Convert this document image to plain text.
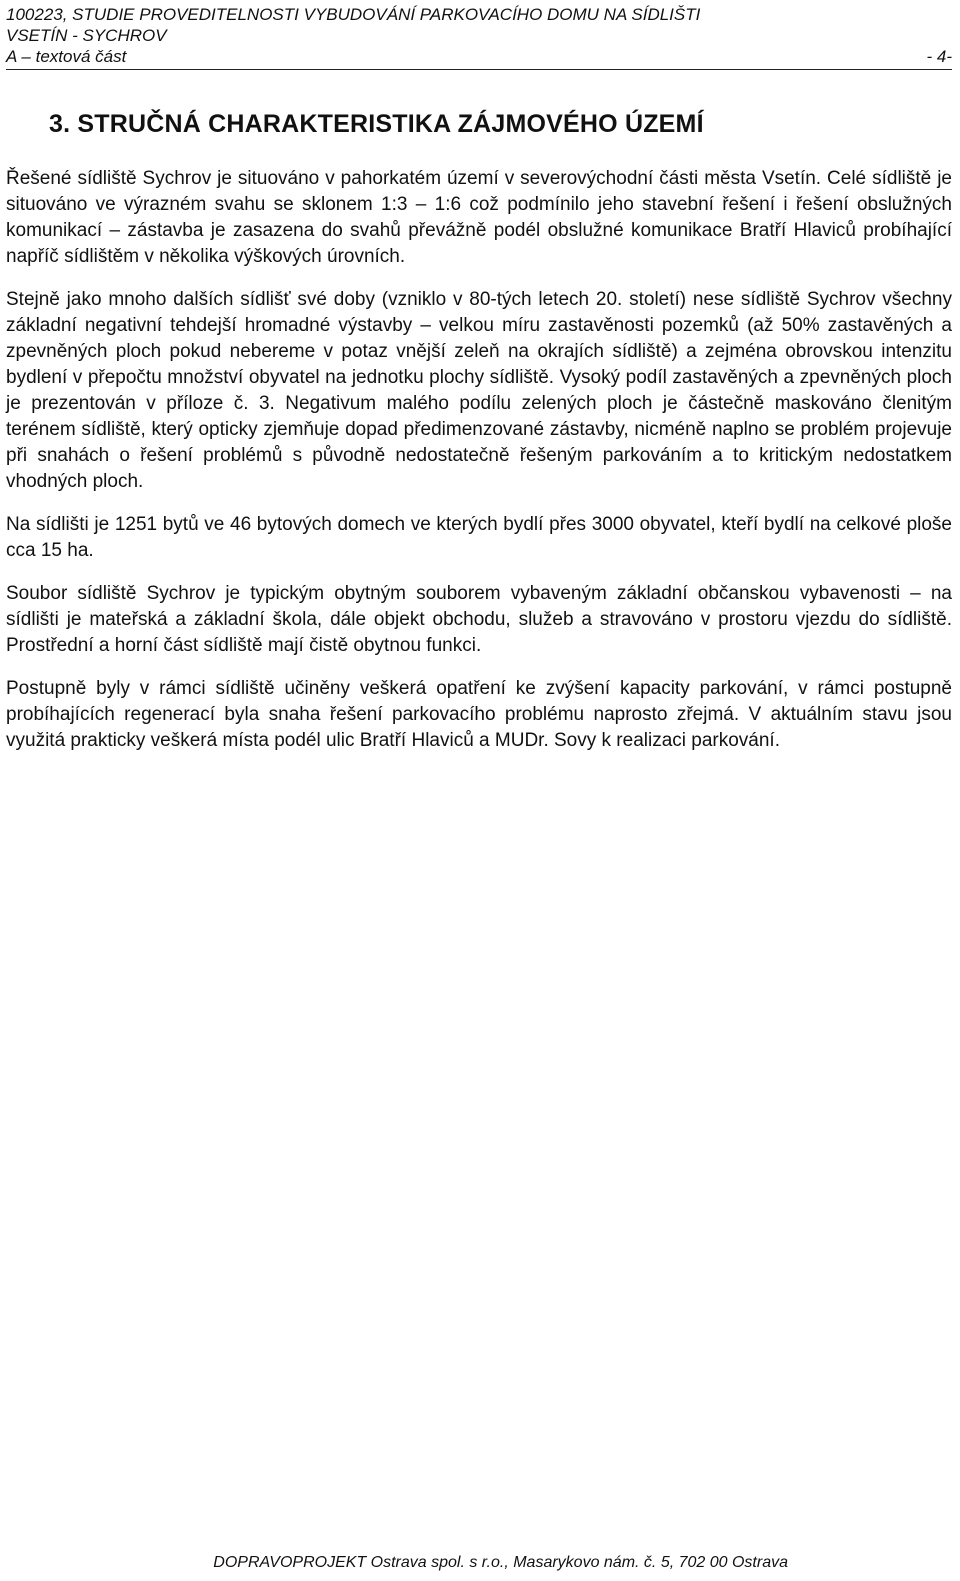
100223, STUDIE PROVEDITELNOSTI VYBUDOVÁNÍ PARKOVACÍHO DOMU NA SÍDLIŠTI
VSETÍN - SYCHROV
A – textová část	- 4-
3. STRUČNÁ CHARAKTERISTIKA ZÁJMOVÉHO ÚZEMÍ

Řešené sídliště Sychrov je situováno v pahorkatém území v severovýchodní části města Vsetín. Celé sídliště je situováno ve výrazném svahu se sklonem 1:3 – 1:6 což podmínilo jeho stavební řešení i řešení obslužných komunikací – zástavba je zasazena do svahů převážně podél obslužné komunikace Bratří Hlaviců probíhající napříč sídlištěm v několika výškových úrovních.

Stejně jako mnoho dalších sídlišť své doby (vzniklo v 80-tých letech 20. století) nese sídliště Sychrov všechny základní negativní tehdejší hromadné výstavby – velkou míru zastavěnosti pozemků (až 50% zastavěných a zpevněných ploch pokud nebereme v potaz vnější zeleň na okrajích sídliště) a zejména obrovskou intenzitu bydlení v přepočtu množství obyvatel na jednotku plochy sídliště. Vysoký podíl zastavěných a zpevněných ploch je prezentován v příloze č. 3. Negativum malého podílu zelených ploch je částečně maskováno členitým terénem sídliště, který opticky zjemňuje dopad předimenzované zástavby, nicméně naplno se problém projevuje při snahách o řešení problémů s původně nedostatečně řešeným parkováním a to kritickým nedostatkem vhodných ploch.

Na sídlišti je 1251 bytů ve 46 bytových domech ve kterých bydlí přes 3000 obyvatel, kteří bydlí na celkové ploše cca 15 ha.

Soubor sídliště Sychrov je typickým obytným souborem vybaveným základní občanskou vybavenosti – na sídlišti je mateřská a základní škola, dále objekt obchodu, služeb a stravováno v prostoru vjezdu do sídliště. Prostřední a horní část sídliště mají čistě obytnou funkci.

Postupně byly v rámci sídliště učiněny veškerá opatření ke zvýšení kapacity parkování, v rámci postupně probíhajících regenerací byla snaha řešení parkovacího problému naprosto zřejmá. V aktuálním stavu jsou využitá prakticky veškerá místa podél ulic Bratří Hlaviců a MUDr. Sovy k realizaci parkování.

DOPRAVOPROJEKT Ostrava spol. s r.o., Masarykovo nám. č. 5, 702 00 Ostrava
